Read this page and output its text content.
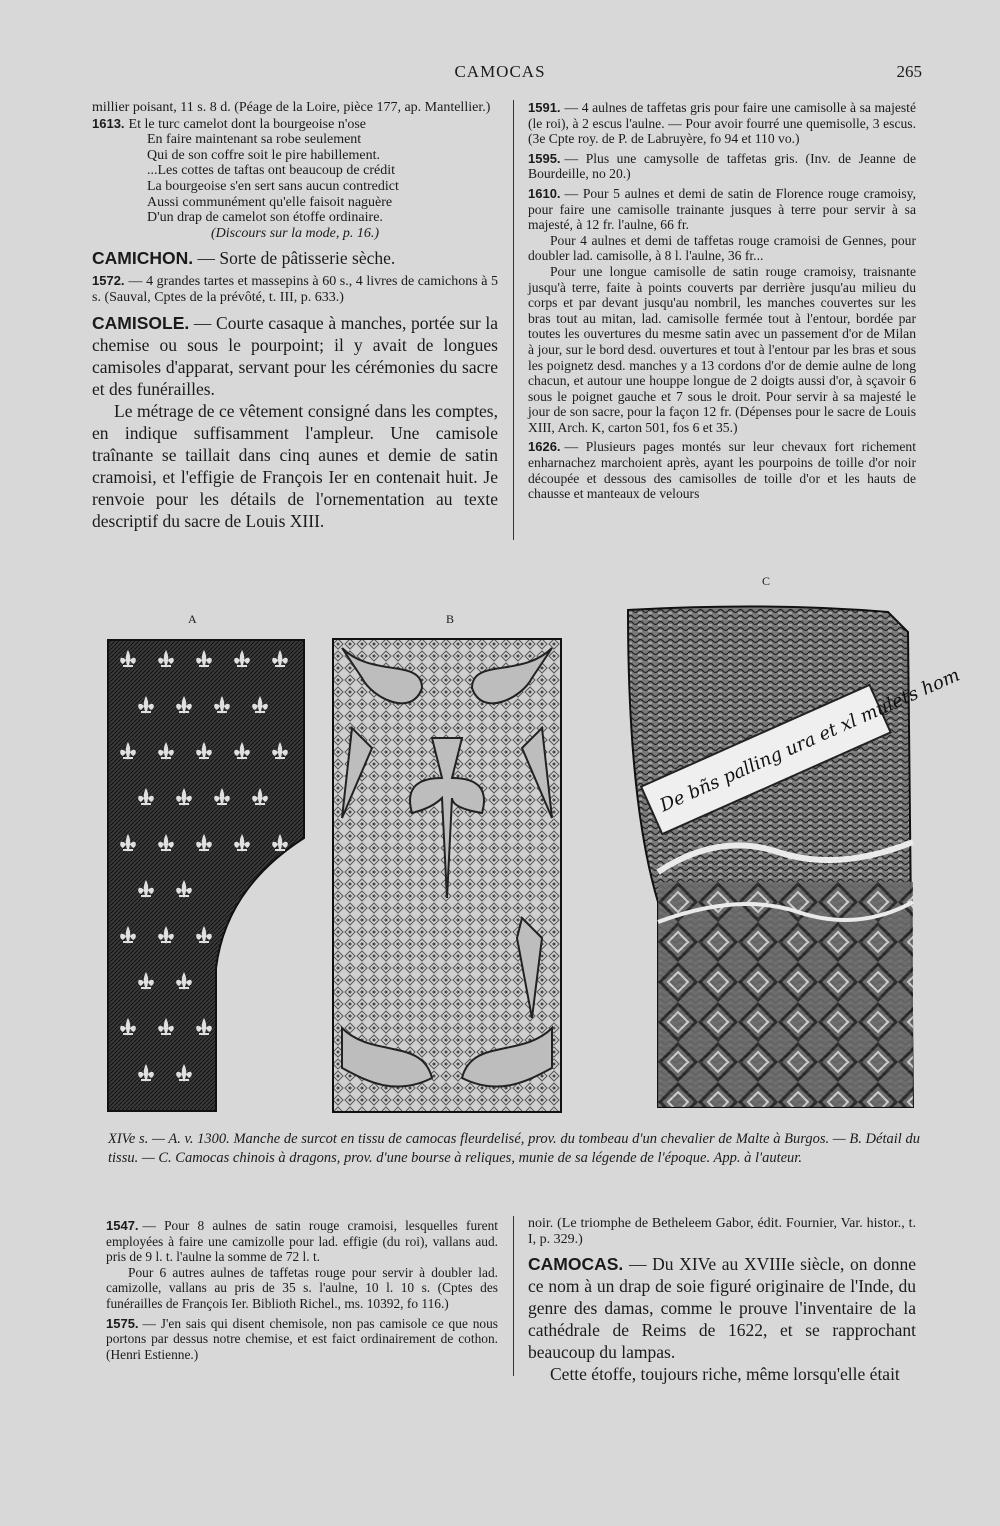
CAMOCAS	265

millier poisant, 11 s. 8 d. (Péage de la Loire, pièce 177, ap. Mantellier.)

1613. Et le turc camelot dont la bourgeoise n'ose

En faire maintenant sa robe seulement

Qui de son coffre soit le pire habillement.

...Les cottes de taftas ont beaucoup de crédit

La bourgeoise s'en sert sans aucun contredict

Aussi communément qu'elle faisoit naguère

D'un drap de camelot son étoffe ordinaire.

(Discours sur la mode, p. 16.)

CAMICHON. — Sorte de pâtisserie sèche.

1572. — 4 grandes tartes et massepins à 60 s., 4 livres de camichons à 5 s. (Sauval, Cptes de la prévôté, t. III, p. 633.)

CAMISOLE. — Courte casaque à manches, portée sur la chemise ou sous le pourpoint; il y avait de longues camisoles d'apparat, servant pour les cérémonies du sacre et des funérailles.

Le métrage de ce vêtement consigné dans les comptes, en indique suffisamment l'ampleur. Une camisole traînante se taillait dans cinq aunes et demie de satin cramoisi, et l'effigie de François Ier en contenait huit. Je renvoie pour les détails de l'ornementation au texte descriptif du sacre de Louis XIII.

1591. — 4 aulnes de taffetas gris pour faire une camisolle à sa majesté (le roi), à 2 escus l'aulne. — Pour avoir fourré une quemisolle, 3 escus. (3e Cpte roy. de P. de Labruyère, fo 94 et 110 vo.)

1595. — Plus une camysolle de taffetas gris. (Inv. de Jeanne de Bourdeille, no 20.)

1610. — Pour 5 aulnes et demi de satin de Florence rouge cramoisy, pour faire une camisolle trainante jusques à terre pour servir à sa majesté, à 12 fr. l'aulne, 66 fr.

Pour 4 aulnes et demi de taffetas rouge cramoisi de Gennes, pour doubler lad. camisolle, à 8 l. l'aulne, 36 fr...

Pour une longue camisolle de satin rouge cramoisy, traisnante jusqu'à terre, faite à points couverts par derrière jusqu'au milieu du corps et par devant jusqu'au nombril, les manches couvertes sur les bras tout au mitan, lad. camisolle fermée tout à l'entour, bordée par toutes les ouvertures du mesme satin avec un passement d'or de Milan à jour, sur le bord desd. ouvertures et tout à l'entour par les bras et sous les poignetz desd. manches y a 13 cordons d'or de demie aulne de long chacun, et autour une houppe longue de 2 doigts aussi d'or, à sçavoir 6 sous le poignet gauche et 7 sous le droit. Pour servir à sa majesté le jour de son sacre, pour la façon 12 fr. (Dépenses pour le sacre de Louis XIII, Arch. K, carton 501, fos 6 et 35.)

1626. — Plusieurs pages montés sur leur chevaux fort richement enharnachez marchoient après, ayant les pourpoins de toille d'or noir découpée et dessous des camisolles de toille d'or et les hauts de chausse et manteaux de velours

A	B
C
De bñs palling ura et xl mulets hom
XIVe s. — A. v. 1300. Manche de surcot en tissu de camocas fleurdelisé, prov. du tombeau d'un chevalier de Malte à Burgos. — B. Détail du tissu. — C. Camocas chinois à dragons, prov. d'une bourse à reliques, munie de sa légende de l'époque. App. à l'auteur.

1547. — Pour 8 aulnes de satin rouge cramoisi, lesquelles furent employées à faire une camizolle pour lad. effigie (du roi), vallans aud. pris de 9 l. t. l'aulne la somme de 72 l. t.

Pour 6 autres aulnes de taffetas rouge pour servir à doubler lad. camizolle, vallans au pris de 35 s. l'aulne, 10 l. 10 s. (Cptes des funérailles de François Ier. Biblioth Richel., ms. 10392, fo 116.)

1575. — J'en sais qui disent chemisole, non pas camisole ce que nous portons par dessus notre chemise, et est faict ordinairement de cothon. (Henri Estienne.)

noir. (Le triomphe de Betheleem Gabor, édit. Fournier, Var. histor., t. I, p. 329.)

CAMOCAS. — Du XIVe au XVIIIe siècle, on donne ce nom à un drap de soie figuré originaire de l'Inde, du genre des damas, comme le prouve l'inventaire de la cathédrale de Reims de 1622, et se rapprochant beaucoup du lampas.

Cette étoffe, toujours riche, même lorsqu'elle était
